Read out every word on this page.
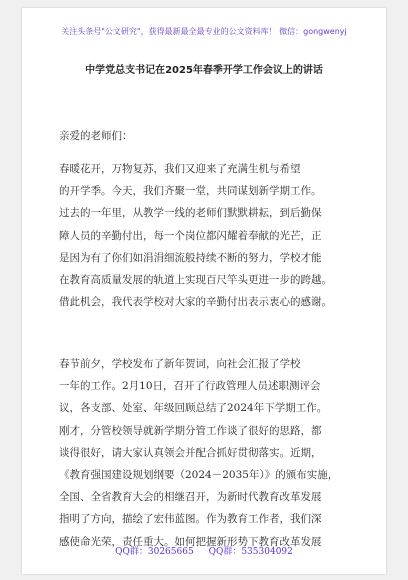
关注头条号"公文研究"，获得最新最全最专业的公文资料库！ 微信：gongwenyj
中学党总支书记在2025年春季开学工作会议上的讲话
亲爱的老师们：
春暖花开，万物复苏，我们又迎来了充满生机与希望
的开学季。今天，我们齐聚一堂，共同谋划新学期工作。
过去的一年里，从教学一线的老师们默默耕耘，到后勤保
障人员的辛勤付出，每一个岗位都闪耀着奉献的光芒，正
是因为有了你们如涓涓细流般持续不断的努力，学校才能
在教育高质量发展的轨道上实现百尺竿头更进一步的跨越。
借此机会，我代表学校对大家的辛勤付出表示衷心的感谢。
春节前夕，学校发布了新年贺词，向社会汇报了学校
一年的工作。2月10日，召开了行政管理人员述职测评会
议，各支部、处室、年级回顾总结了2024年下学期工作。
刚才，分管校领导就新学期分管工作谈了很好的思路，都
谈得很好，请大家认真领会并配合抓好贯彻落实。近期，
《教育强国建设规划纲要（2024－2035年）》的颁布实施，
全国、全省教育大会的相继召开，为新时代教育改革发展
指明了方向，描绘了宏伟蓝图。作为教育工作者，我们深
感使命光荣，责任重大。如何把握新形势下教育改革发展
QQ群：30265665 QQ群：535304092
